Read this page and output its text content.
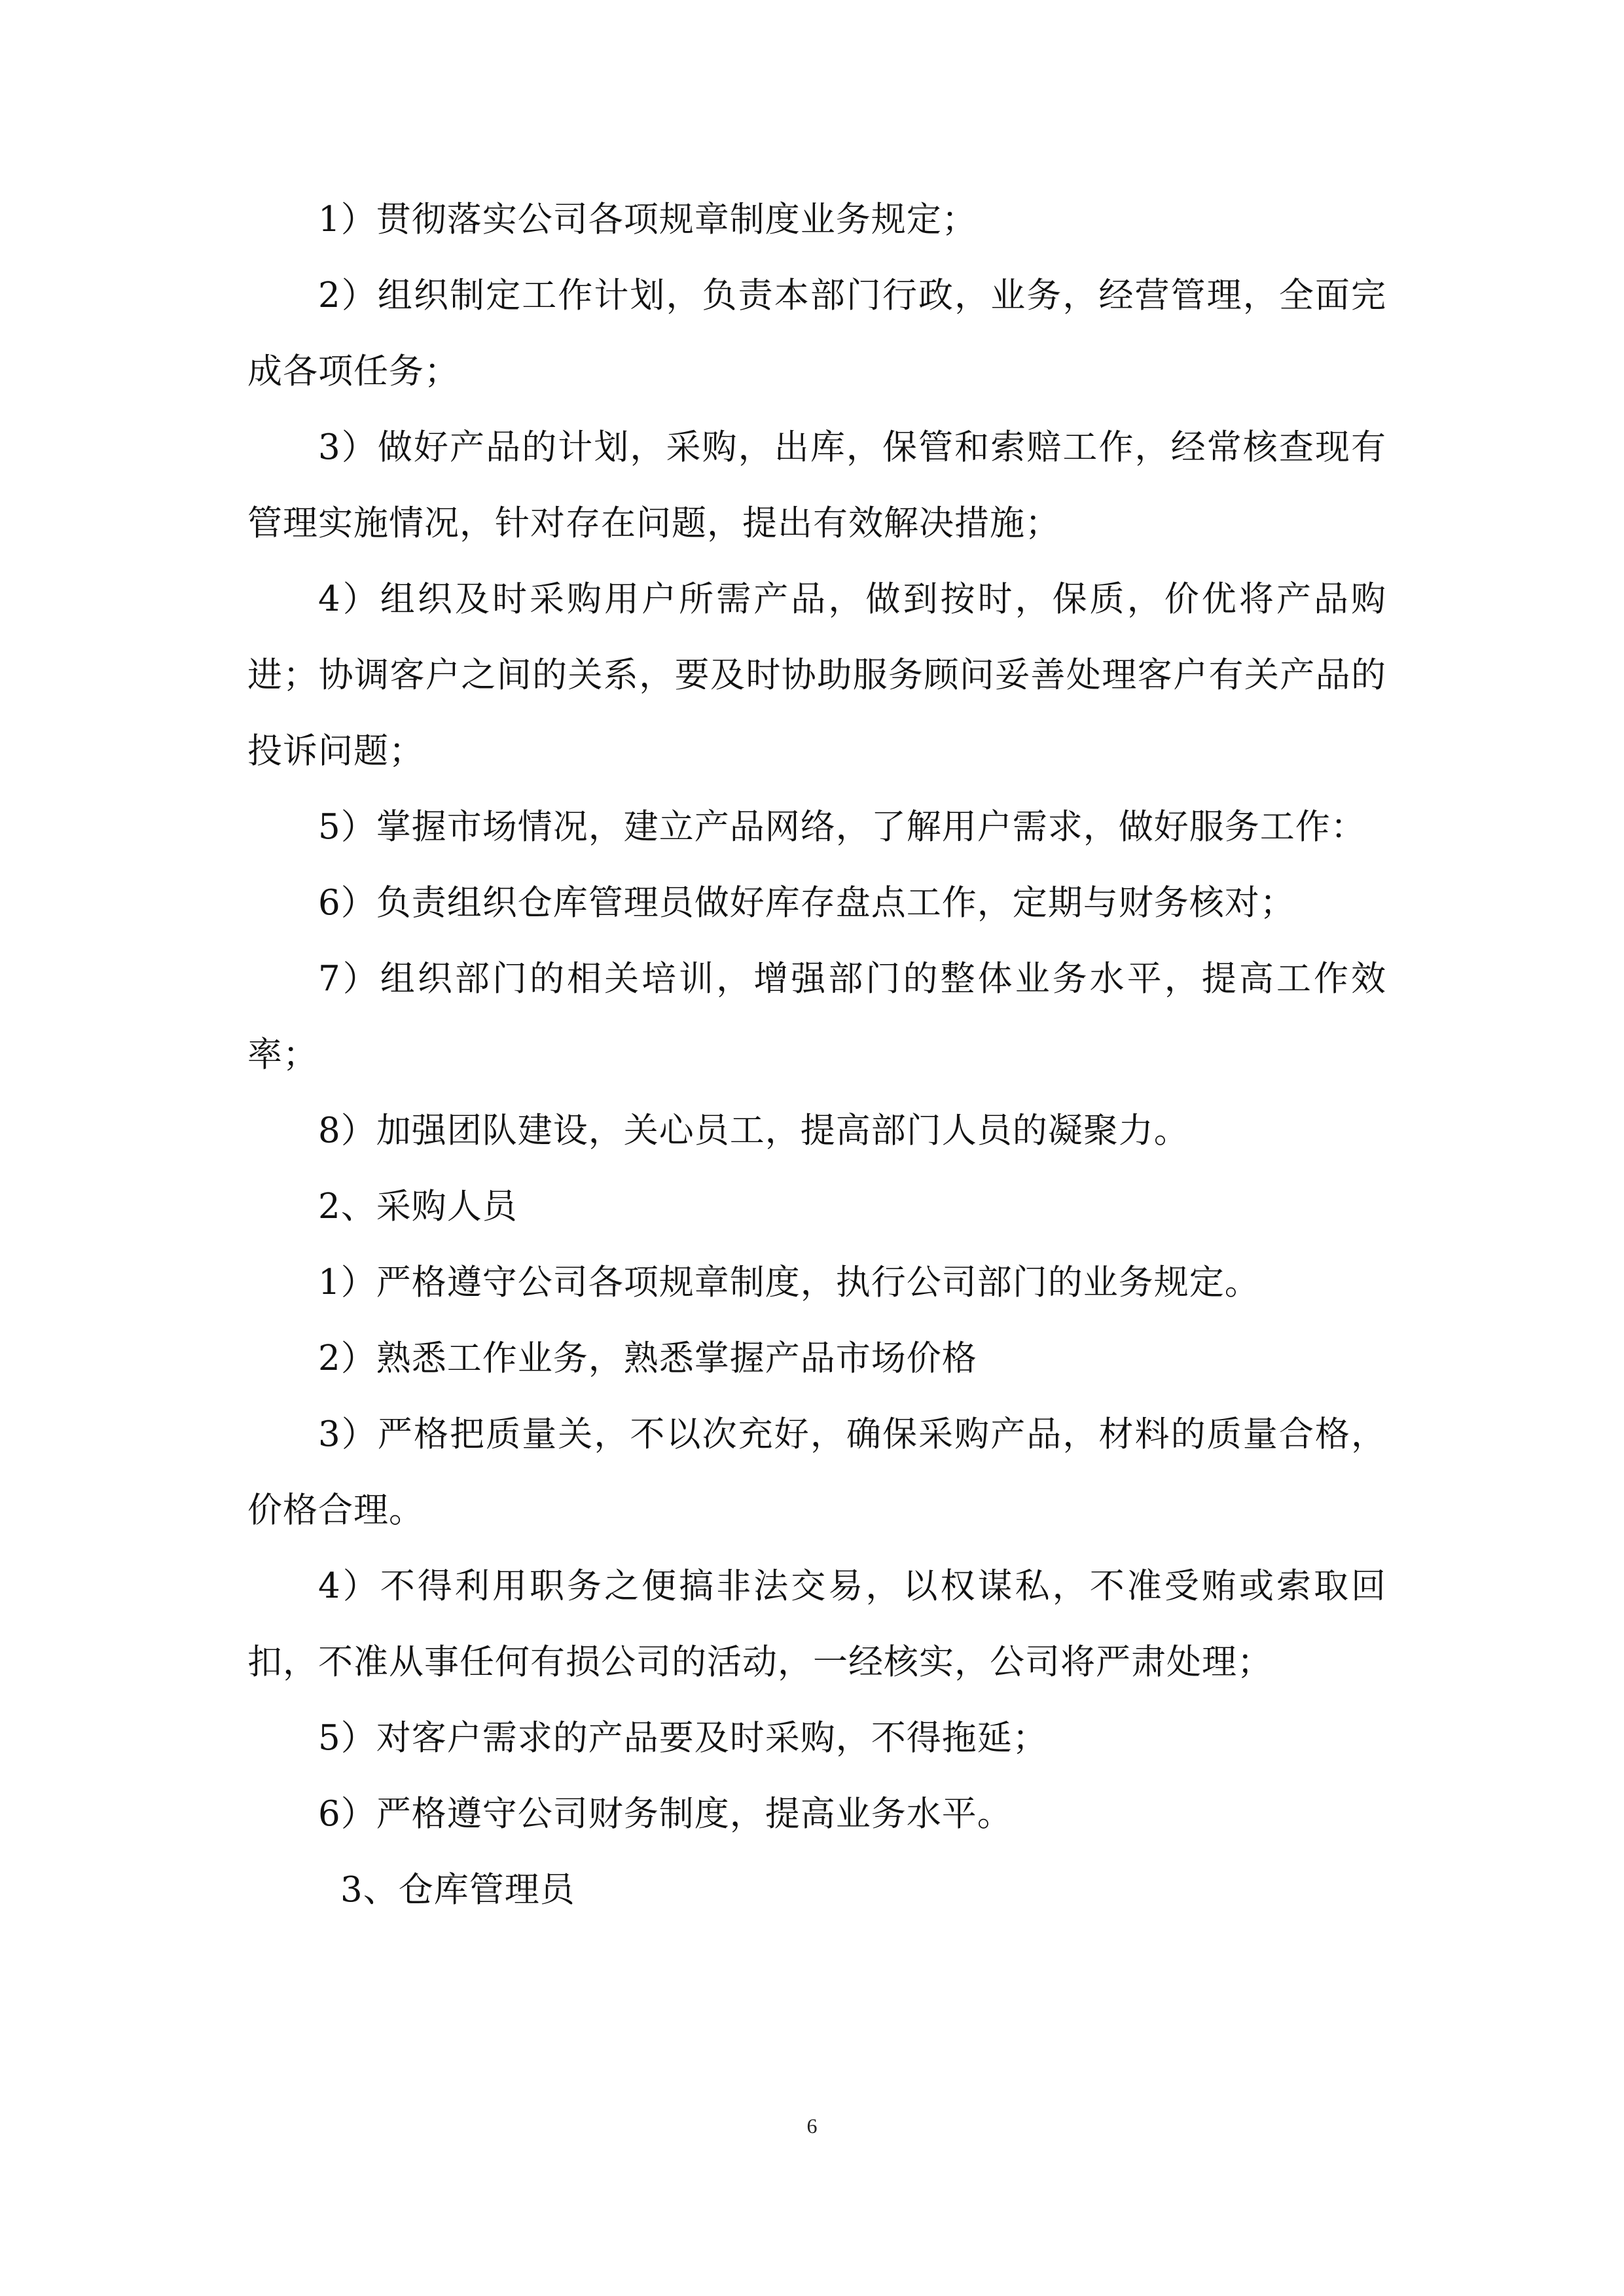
1）贯彻落实公司各项规章制度业务规定；

2）组织制定工作计划，负责本部门行政，业务，经营管理，全面完成各项任务；

3）做好产品的计划，采购，出库，保管和索赔工作，经常核查现有管理实施情况，针对存在问题，提出有效解决措施；

4）组织及时采购用户所需产品，做到按时，保质，价优将产品购进；协调客户之间的关系，要及时协助服务顾问妥善处理客户有关产品的投诉问题；

5）掌握市场情况，建立产品网络，了解用户需求，做好服务工作：

6）负责组织仓库管理员做好库存盘点工作，定期与财务核对；

7）组织部门的相关培训，增强部门的整体业务水平，提高工作效率；

8）加强团队建设，关心员工，提高部门人员的凝聚力。

2、采购人员

1）严格遵守公司各项规章制度，执行公司部门的业务规定。

2）熟悉工作业务，熟悉掌握产品市场价格

3）严格把质量关，不以次充好，确保采购产品，材料的质量合格，价格合理。

4）不得利用职务之便搞非法交易，以权谋私，不准受贿或索取回扣，不准从事任何有损公司的活动，一经核实，公司将严肃处理；

5）对客户需求的产品要及时采购，不得拖延；

6）严格遵守公司财务制度，提高业务水平。

3、仓库管理员

6
